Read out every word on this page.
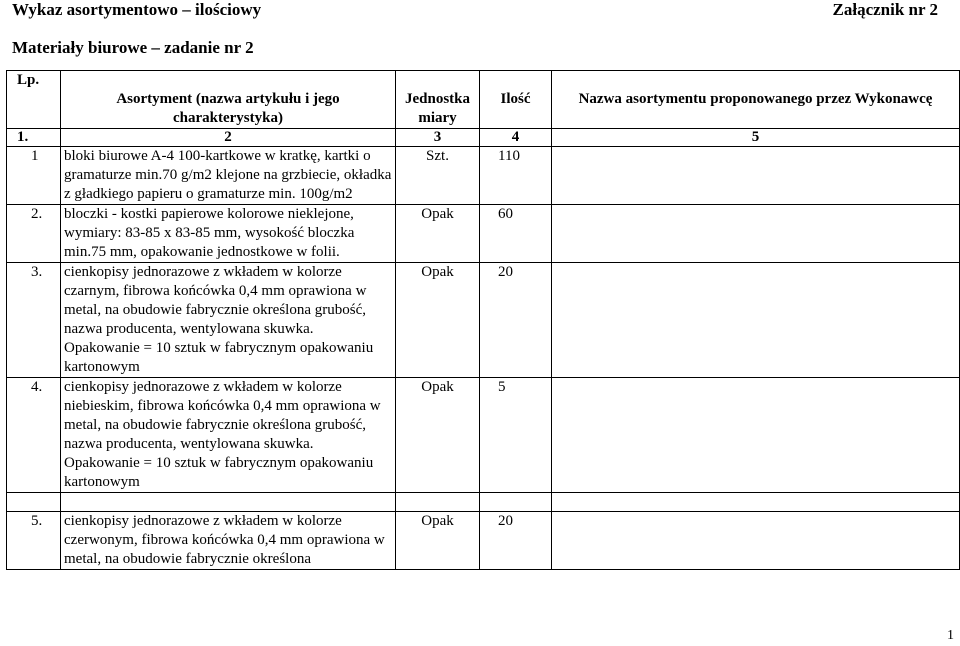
Wykaz asortymentowo – ilościowy	Załącznik nr 2
Materiały biurowe – zadanie nr 2
Lp.	Asortyment (nazwa artykułu i jego charakterystyka)	Jednostka miary	Ilość	Nazwa asortymentu proponowanego przez Wykonawcę
1.	2	3	4	5
1	bloki biurowe A-4 100-kartkowe w kratkę, kartki o gramaturze min.70 g/m2 klejone na grzbiecie, okładka z gładkiego papieru o gramaturze min. 100g/m2	Szt.	110	
2.	bloczki - kostki papierowe kolorowe nieklejone, wymiary: 83-85 x 83-85 mm, wysokość bloczka min.75 mm, opakowanie jednostkowe w folii.	Opak	60	
3.	cienkopisy jednorazowe z wkładem w kolorze czarnym, fibrowa końcówka 0,4 mm oprawiona w metal, na obudowie fabrycznie określona grubość, nazwa producenta, wentylowana skuwka. Opakowanie = 10 sztuk w fabrycznym opakowaniu kartonowym	Opak	20	
4.	cienkopisy jednorazowe z wkładem w kolorze niebieskim, fibrowa końcówka 0,4 mm oprawiona w metal, na obudowie fabrycznie określona grubość, nazwa producenta, wentylowana skuwka. Opakowanie = 10 sztuk w fabrycznym opakowaniu kartonowym	Opak	5	

5.	cienkopisy jednorazowe z wkładem w kolorze czerwonym, fibrowa końcówka 0,4 mm oprawiona w metal, na obudowie fabrycznie określona	Opak	20	
1
